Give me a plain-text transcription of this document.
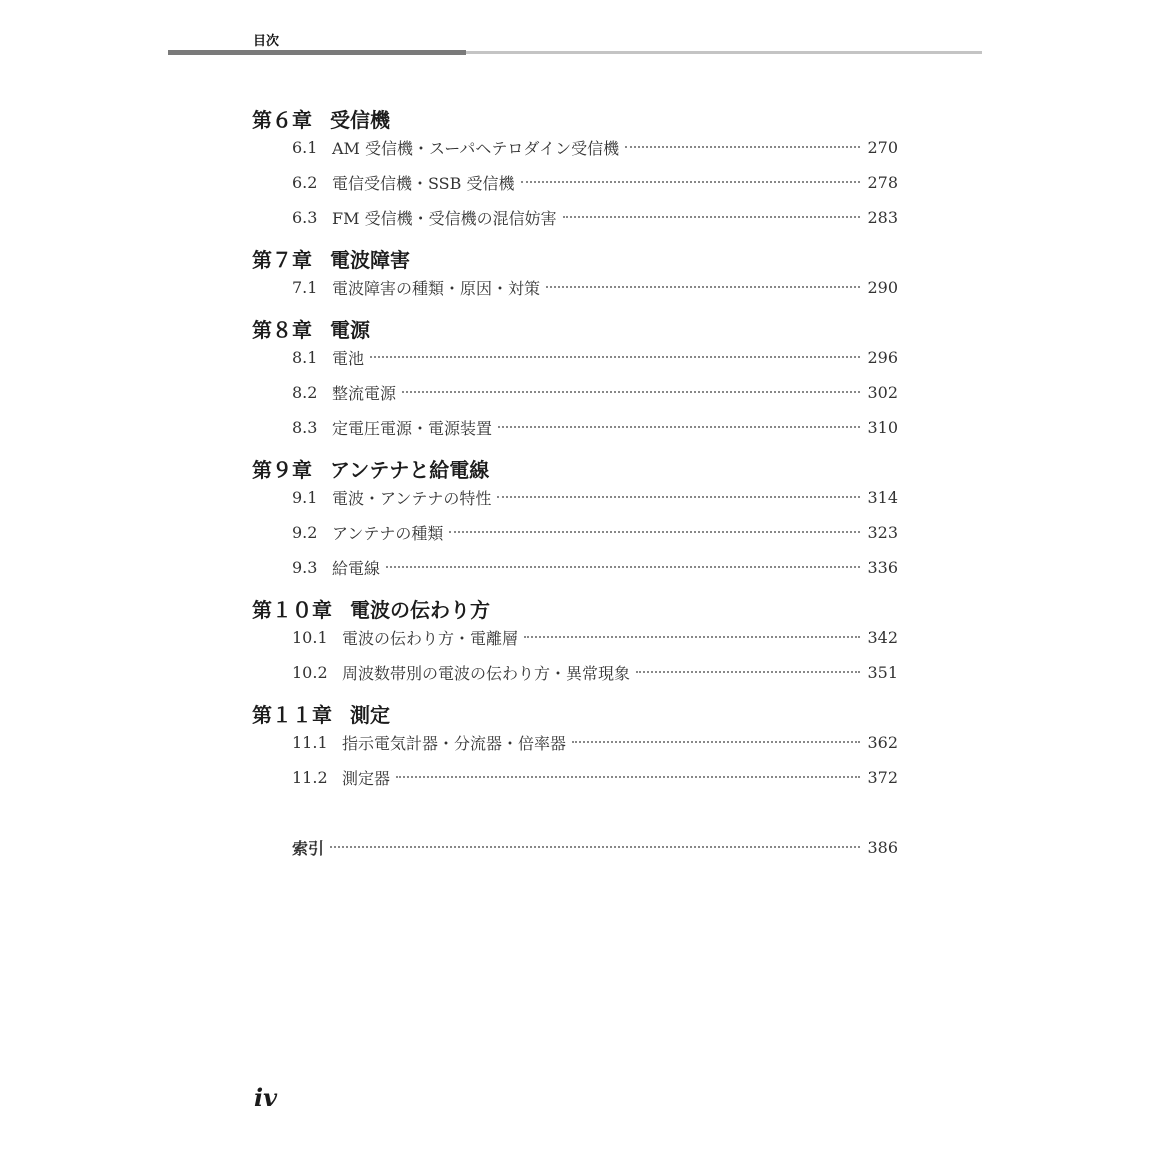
目次
第６章 受信機
6.1 AM 受信機・スーパヘテロダイン受信機	270
6.2 電信受信機・SSB 受信機	278
6.3 FM 受信機・受信機の混信妨害	283
第７章 電波障害
7.1 電波障害の種類・原因・対策	290
第８章 電源
8.1 電池	296
8.2 整流電源	302
8.3 定電圧電源・電源装置	310
第９章 アンテナと給電線
9.1 電波・アンテナの特性	314
9.2 アンテナの種類	323
9.3 給電線	336
第１０章 電波の伝わり方
10.1 電波の伝わり方・電離層	342
10.2 周波数帯別の電波の伝わり方・異常現象	351
第１１章 測定
11.1 指示電気計器・分流器・倍率器	362
11.2 測定器	372
索引	386
iv
